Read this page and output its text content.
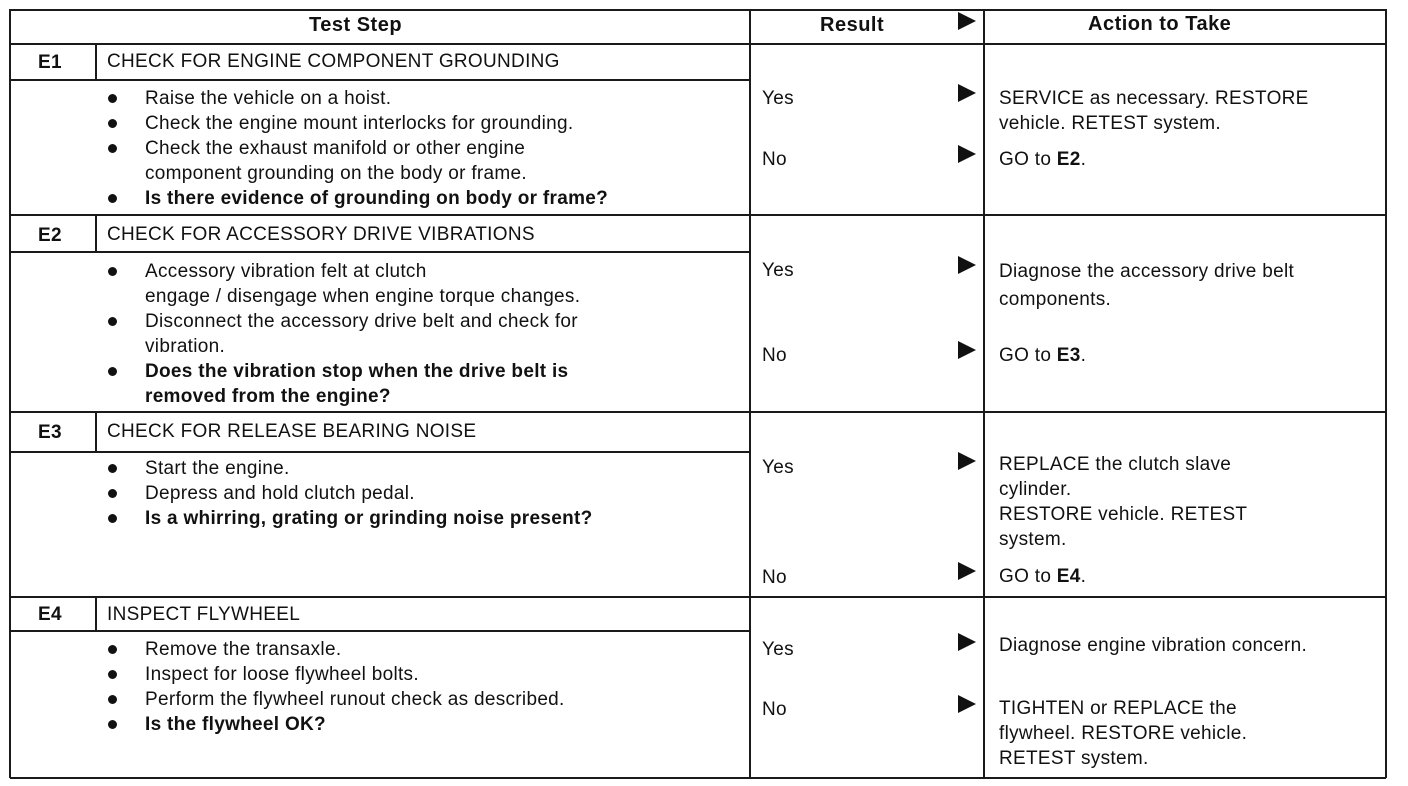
Test Step	Result	Action to Take
E1 CHECK FOR ENGINE COMPONENT GROUNDING
Raise the vehicle on a hoist.
Check the engine mount interlocks for grounding.
Check the exhaust manifold or other engine
component grounding on the body or frame.
Is there evidence of grounding on body or frame?
Yes	SERVICE as necessary. RESTORE
vehicle. RETEST system.
No	GO to E2.
E2 CHECK FOR ACCESSORY DRIVE VIBRATIONS
Accessory vibration felt at clutch
engage / disengage when engine torque changes.
Disconnect the accessory drive belt and check for
vibration.
Does the vibration stop when the drive belt is
removed from the engine?
Yes	Diagnose the accessory drive belt
components.
No	GO to E3.
E3 CHECK FOR RELEASE BEARING NOISE
Start the engine.
Depress and hold clutch pedal.
Is a whirring, grating or grinding noise present?
Yes	REPLACE the clutch slave
cylinder.
RESTORE vehicle. RETEST
system.
No	GO to E4.
E4 INSPECT FLYWHEEL
Remove the transaxle.
Inspect for loose flywheel bolts.
Perform the flywheel runout check as described.
Is the flywheel OK?
Yes	Diagnose engine vibration concern.
No	TIGHTEN or REPLACE the
flywheel. RESTORE vehicle.
RETEST system.
